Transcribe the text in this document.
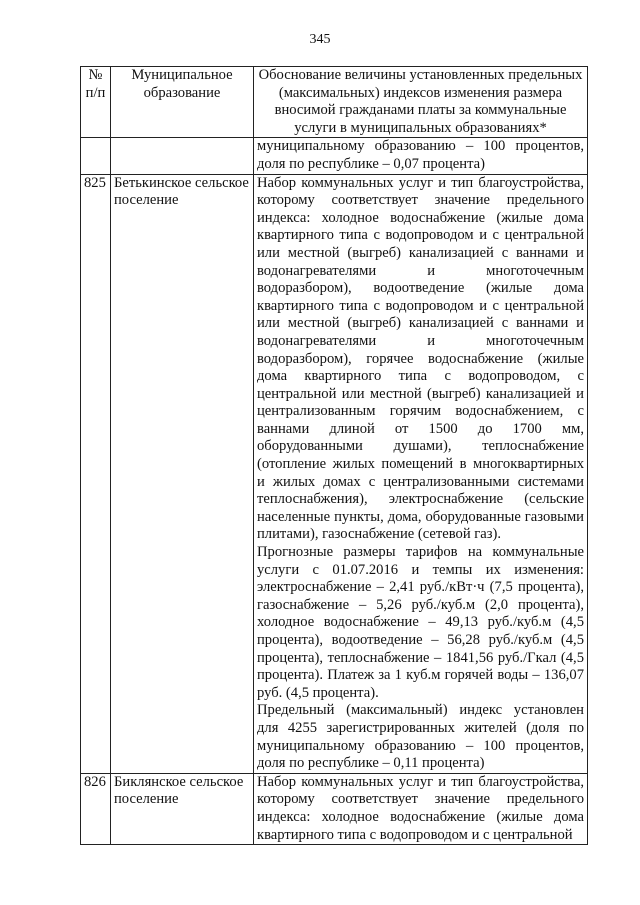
345
№ п/п	Муниципальное образование	Обоснование величины установленных предельных (максимальных) индексов изменения размера вносимой гражданами платы за коммунальные услуги в муниципальных образованиях*

		муниципальному образованию – 100 процентов, доля по республике – 0,07 процента)

825	Бетькинское сельское поселение	Набор коммунальных услуг и тип благоустройства, которому соответствует значение предельного индекса: холодное водоснабжение (жилые дома квартирного типа с водопроводом и с центральной или местной (выгреб) канализацией с ваннами и водонагревателями и многоточечным водоразбором), водоотведение (жилые дома квартирного типа с водопроводом и с центральной или местной (выгреб) канализацией с ваннами и водонагревателями и многоточечным водоразбором), горячее водоснабжение (жилые дома квартирного типа с водопроводом, с центральной или местной (выгреб) канализацией и централизованным горячим водоснабжением, с ваннами длиной от 1500 до 1700 мм, оборудованными душами), теплоснабжение (отопление жилых помещений в многоквартирных и жилых домах с централизованными системами теплоснабжения), электроснабжение (сельские населенные пункты, дома, оборудованные газовыми плитами), газоснабжение (сетевой газ).
Прогнозные размеры тарифов на коммунальные услуги с 01.07.2016 и темпы их изменения: электроснабжение – 2,41 руб./кВт·ч (7,5 процента), газоснабжение – 5,26 руб./куб.м (2,0 процента), холодное водоснабжение – 49,13 руб./куб.м (4,5 процента), водоотведение – 56,28 руб./куб.м (4,5 процента), теплоснабжение – 1841,56 руб./Гкал (4,5 процента). Платеж за 1 куб.м горячей воды – 136,07 руб. (4,5 процента).
Предельный (максимальный) индекс установлен для 4255 зарегистрированных жителей (доля по муниципальному образованию – 100 процентов, доля по республике – 0,11 процента)

826	Биклянское сельское поселение	Набор коммунальных услуг и тип благоустройства, которому соответствует значение предельного индекса: холодное водоснабжение (жилые дома квартирного типа с водопроводом и с центральной
